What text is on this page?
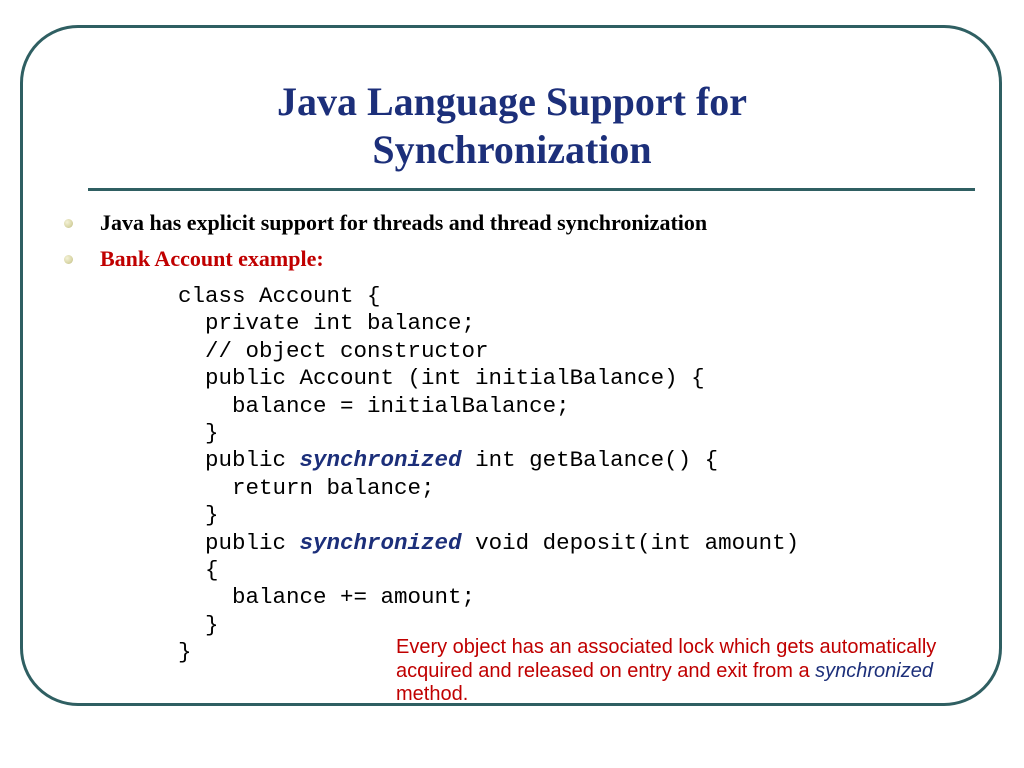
Java Language Support for
Synchronization
Java has explicit support for threads and thread synchronization
Bank Account example:
class Account {
private int balance;
// object constructor
public Account (int initialBalance) {
balance = initialBalance;
}
public synchronized int getBalance() {
return balance;
}
public synchronized void deposit(int amount)
{
balance += amount;
}
}	Every object has an associated lock which gets automatically acquired and released on entry and exit from a synchronized method.
